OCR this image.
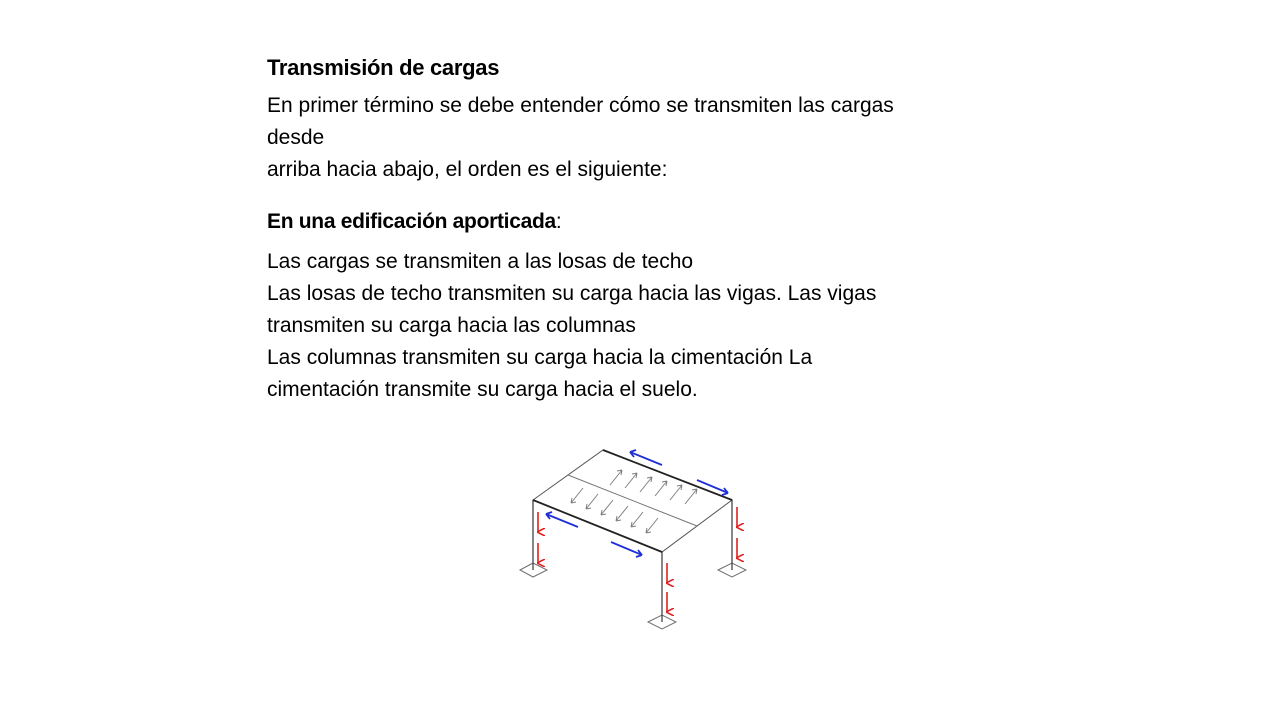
Transmisión de cargas

En primer término se debe entender cómo se transmiten las cargas
desde
arriba hacia abajo, el orden es el siguiente:

En una edificación aporticada:
Las cargas se transmiten a las losas de techo
Las losas de techo transmiten su carga hacia las vigas. Las vigas
transmiten su carga hacia las columnas
Las columnas transmiten su carga hacia la cimentación La
cimentación transmite su carga hacia el suelo.
